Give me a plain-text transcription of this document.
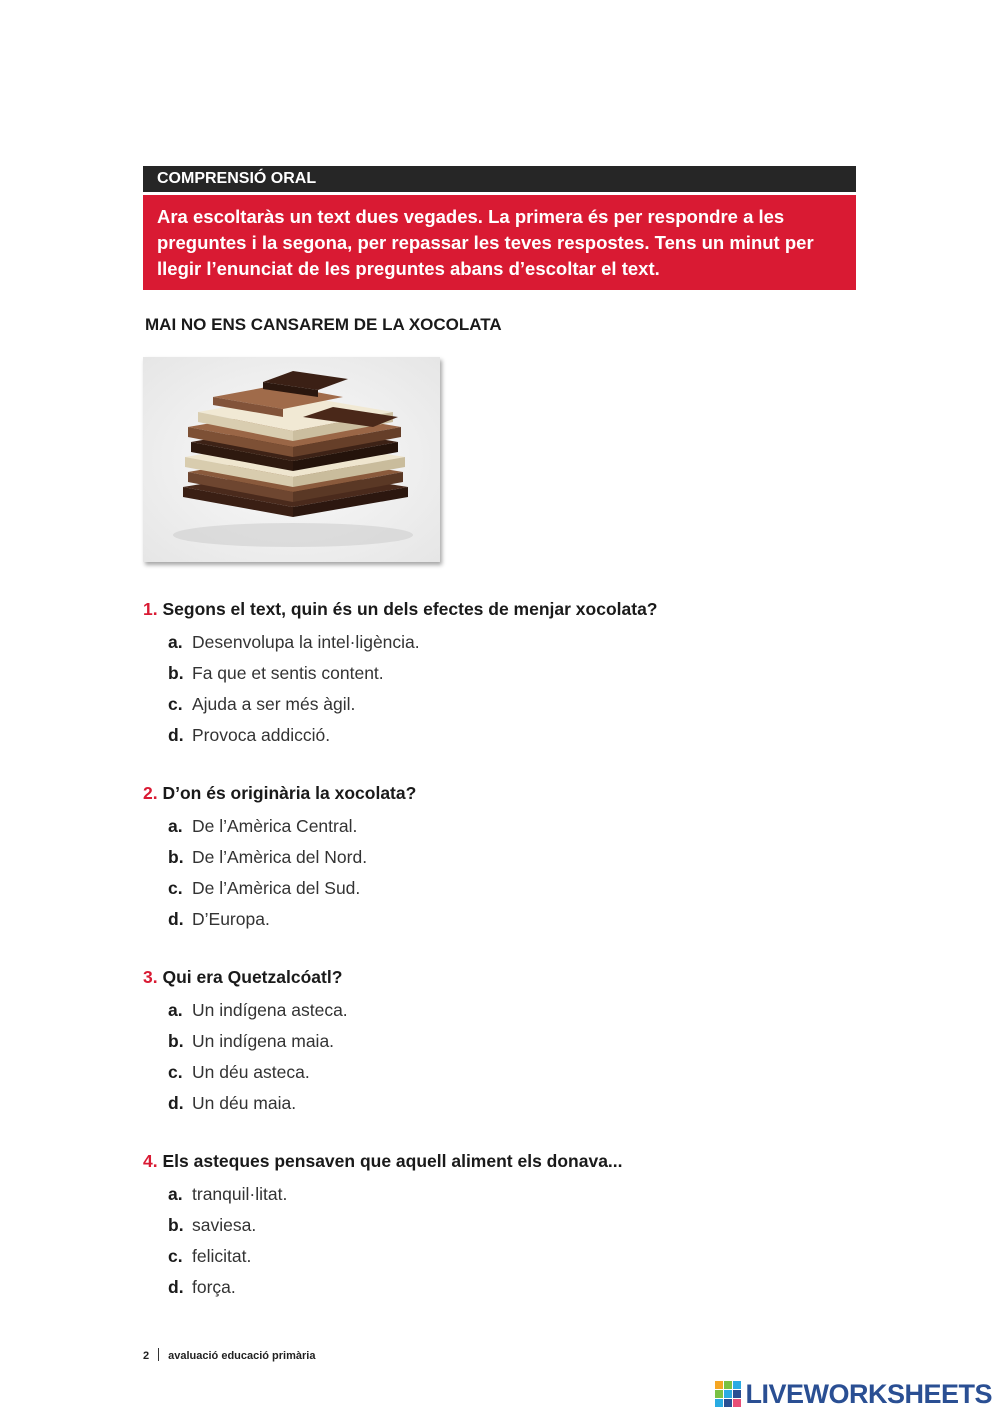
COMPRENSIÓ ORAL
Ara escoltaràs un text dues vegades. La primera és per respondre a les preguntes i la segona, per repassar les teves respostes. Tens un minut per llegir l’enunciat de les preguntes abans d’escoltar el text.
MAI NO ENS CANSAREM DE LA XOCOLATA
1. Segons el text, quin és un dels efectes de menjar xocolata?
a. Desenvolupa la intel·ligència.
b. Fa que et sentis content.
c. Ajuda a ser més àgil.
d. Provoca addicció.
2. D’on és originària la xocolata?
a. De l’Amèrica Central.
b. De l’Amèrica del Nord.
c. De l’Amèrica del Sud.
d. D’Europa.
3. Qui era Quetzalcóatl?
a. Un indígena asteca.
b. Un indígena maia.
c. Un déu asteca.
d. Un déu maia.
4. Els asteques pensaven que aquell aliment els donava...
a. tranquil·litat.
b. saviesa.
c. felicitat.
d. força.
2 avaluació educació primària
LIVEWORKSHEETS
